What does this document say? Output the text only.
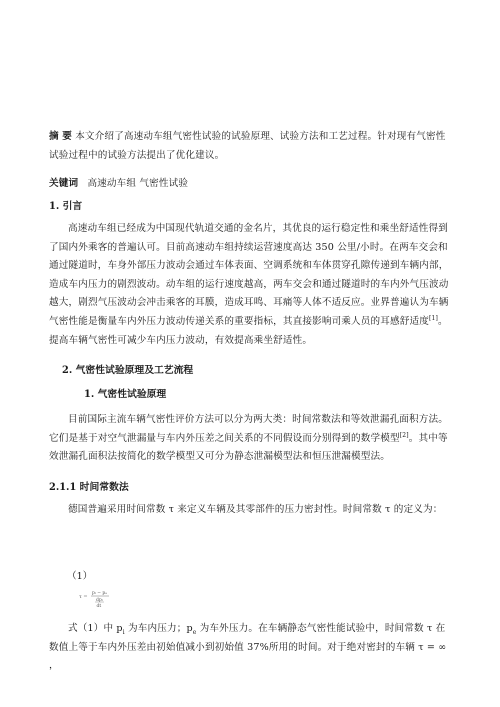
摘 要 本文介绍了高速动车组气密性试验的试验原理、试验方法和工艺过程。针对现有气密性试验过程中的试验方法提出了优化建议。
关键词 高速动车组 气密性试验
1. 引言
高速动车组已经成为中国现代轨道交通的金名片，其优良的运行稳定性和乘坐舒适性得到了国内外乘客的普遍认可。目前高速动车组持续运营速度高达 350 公里/小时。在两车交会和通过隧道时，车身外部压力波动会通过车体表面、空调系统和车体贯穿孔隙传递到车辆内部，造成车内压力的剧烈波动。动车组的运行速度越高，两车交会和通过隧道时的车内外气压波动越大，剧烈气压波动会冲击乘客的耳膜，造成耳鸣、耳痛等人体不适反应。业界普遍认为车辆气密性能是衡量车内外压力波动传递关系的重要指标，其直接影响司乘人员的耳感舒适度[1]。提高车辆气密性可减少车内压力波动，有效提高乘坐舒适性。
2. 气密性试验原理及工艺流程
1. 气密性试验原理
目前国际主流车辆气密性评价方法可以分为两大类：时间常数法和等效泄漏孔面积方法。它们是基于对空气泄漏量与车内外压差之间关系的不同假设而分别得到的数学模型[2]。其中等效泄漏孔面积法按简化的数学模型又可分为静态泄漏模型法和恒压泄漏模型法。
2.1.1 时间常数法
德国普遍采用时间常数 τ 来定义车辆及其零部件的压力密封性。时间常数 τ 的定义为：
（1）
τ =
pᵢ − pₑ
dpᵢ
dt
式（1）中 $p_i$ 为车内压力；$p_e$ 为车外压力。在车辆静态气密性能试验中，时间常数 τ 在数值上等于车内外压差由初始值减小到初始值 37%所用的时间。对于绝对密封的车辆 τ = ∞ ，
